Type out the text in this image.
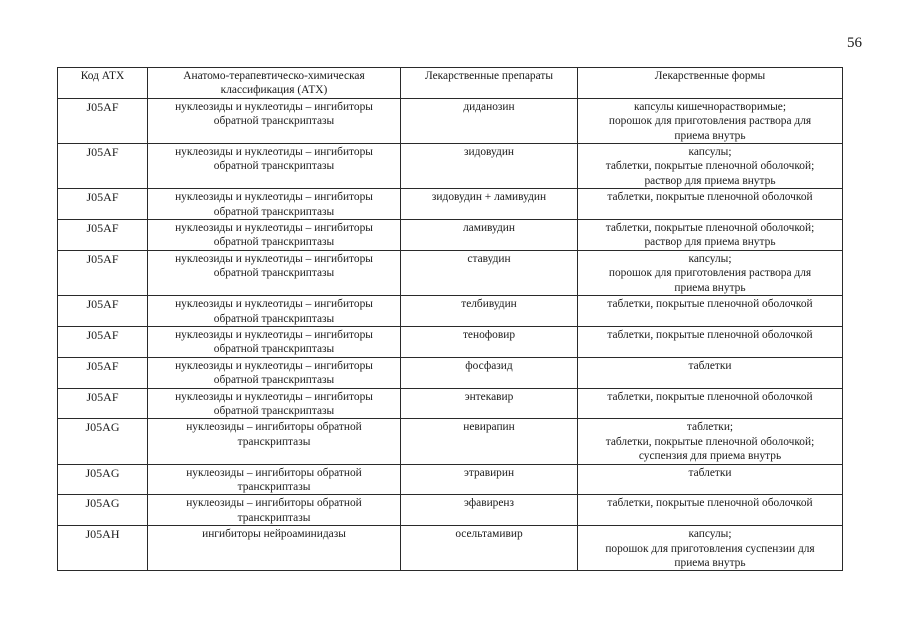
56
Код АТХ	Анатомо-терапевтическо-химическая
классификация (АТХ)	Лекарственные препараты	Лекарственные формы
J05AF	нуклеозиды и нуклеотиды – ингибиторы
обратной транскриптазы	диданозин	капсулы кишечнорастворимые;
порошок для приготовления раствора для
приема внутрь
J05AF	нуклеозиды и нуклеотиды – ингибиторы
обратной транскриптазы	зидовудин	капсулы;
таблетки, покрытые пленочной оболочкой;
раствор для приема внутрь
J05AF	нуклеозиды и нуклеотиды – ингибиторы
обратной транскриптазы	зидовудин + ламивудин	таблетки, покрытые пленочной оболочкой
J05AF	нуклеозиды и нуклеотиды – ингибиторы
обратной транскриптазы	ламивудин	таблетки, покрытые пленочной оболочкой;
раствор для приема внутрь
J05AF	нуклеозиды и нуклеотиды – ингибиторы
обратной транскриптазы	ставудин	капсулы;
порошок для приготовления раствора для
приема внутрь
J05AF	нуклеозиды и нуклеотиды – ингибиторы
обратной транскриптазы	телбивудин	таблетки, покрытые пленочной оболочкой
J05AF	нуклеозиды и нуклеотиды – ингибиторы
обратной транскриптазы	тенофовир	таблетки, покрытые пленочной оболочкой
J05AF	нуклеозиды и нуклеотиды – ингибиторы
обратной транскриптазы	фосфазид	таблетки
J05AF	нуклеозиды и нуклеотиды – ингибиторы
обратной транскриптазы	энтекавир	таблетки, покрытые пленочной оболочкой
J05AG	нуклеозиды – ингибиторы обратной
транскриптазы	невирапин	таблетки;
таблетки, покрытые пленочной оболочкой;
суспензия для приема внутрь
J05AG	нуклеозиды – ингибиторы обратной
транскриптазы	этравирин	таблетки
J05AG	нуклеозиды – ингибиторы обратной
транскриптазы	эфавиренз	таблетки, покрытые пленочной оболочкой
J05AH	ингибиторы нейроаминидазы	осельтамивир	капсулы;
порошок для приготовления суспензии для
приема внутрь
